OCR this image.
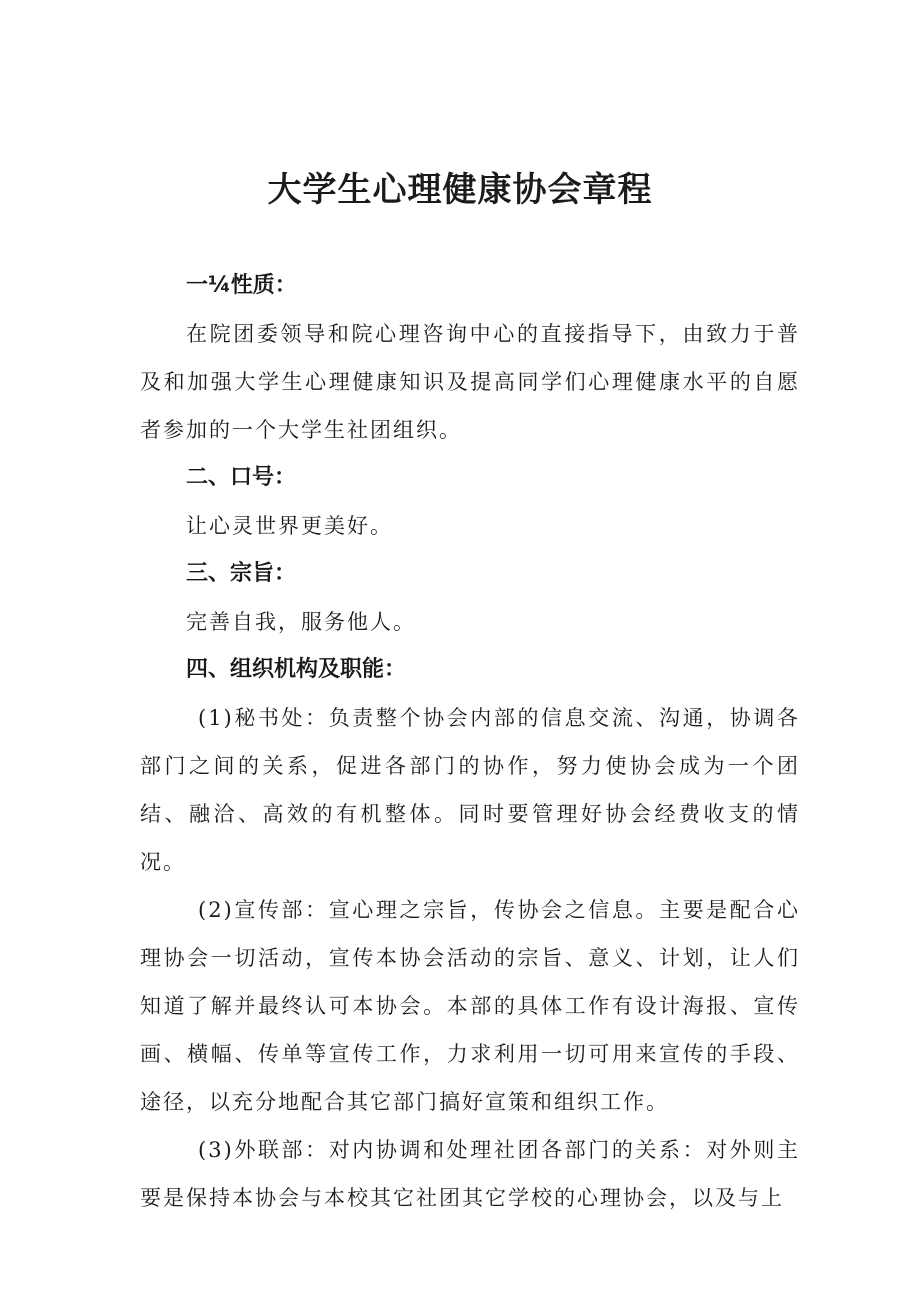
大学生心理健康协会章程
一¼性质：

在院团委领导和院心理咨询中心的直接指导下，由致力于普及和加强大学生心理健康知识及提高同学们心理健康水平的自愿者参加的一个大学生社团组织。

二、口号：

让心灵世界更美好。

三、宗旨：

完善自我，服务他人。

四、组织机构及职能：

(1)秘书处：负责整个协会内部的信息交流、沟通，协调各部门之间的关系，促进各部门的协作，努力使协会成为一个团结、融洽、高效的有机整体。同时要管理好协会经费收支的情况。

(2)宣传部：宣心理之宗旨，传协会之信息。主要是配合心理协会一切活动，宣传本协会活动的宗旨、意义、计划，让人们知道了解并最终认可本协会。本部的具体工作有设计海报、宣传画、横幅、传单等宣传工作，力求利用一切可用来宣传的手段、途径，以充分地配合其它部门搞好宣策和组织工作。

(3)外联部：对内协调和处理社团各部门的关系：对外则主要是保持本协会与本校其它社团其它学校的心理协会，以及与上
